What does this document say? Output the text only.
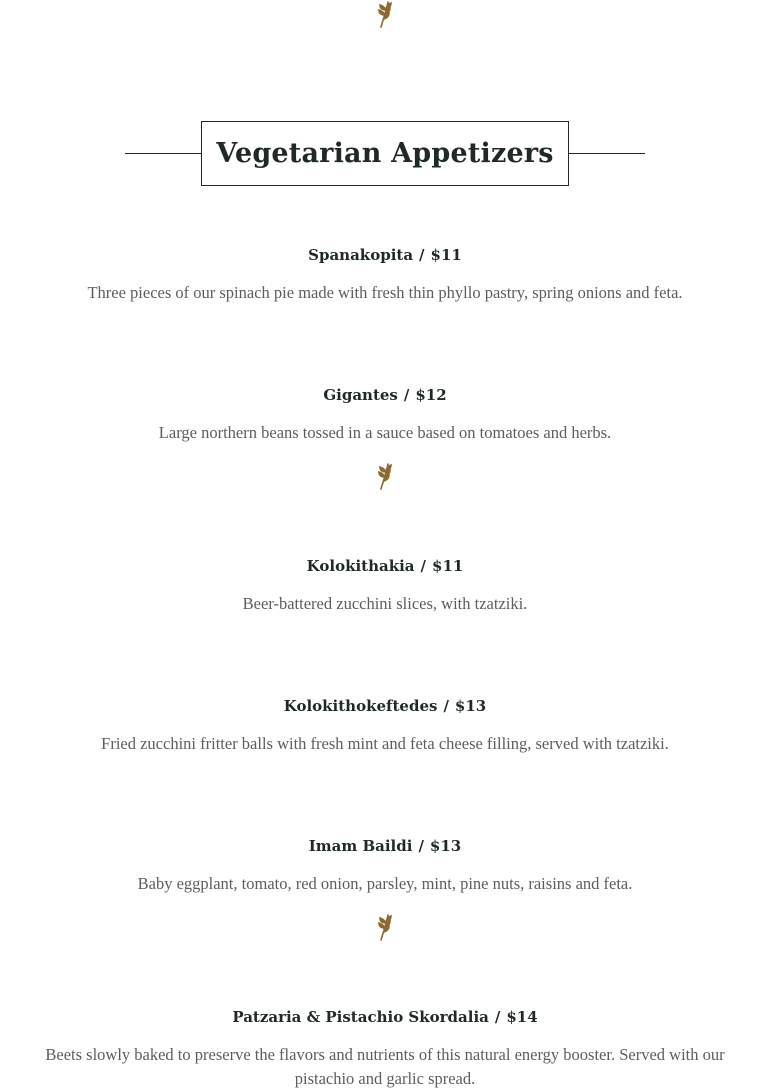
Vegetarian Appetizers
Spanakopita / $11
Three pieces of our spinach pie made with fresh thin phyllo pastry, spring onions and feta.
Gigantes / $12
Large northern beans tossed in a sauce based on tomatoes and herbs.
Kolokithakia / $11
Beer-battered zucchini slices, with tzatziki.
Kolokithokeftedes / $13
Fried zucchini fritter balls with fresh mint and feta cheese filling, served with tzatziki.
Imam Baildi / $13
Baby eggplant, tomato, red onion, parsley, mint, pine nuts, raisins and feta.
Patzaria & Pistachio Skordalia / $14
Beets slowly baked to preserve the flavors and nutrients of this natural energy booster. Served with our pistachio and garlic spread.
